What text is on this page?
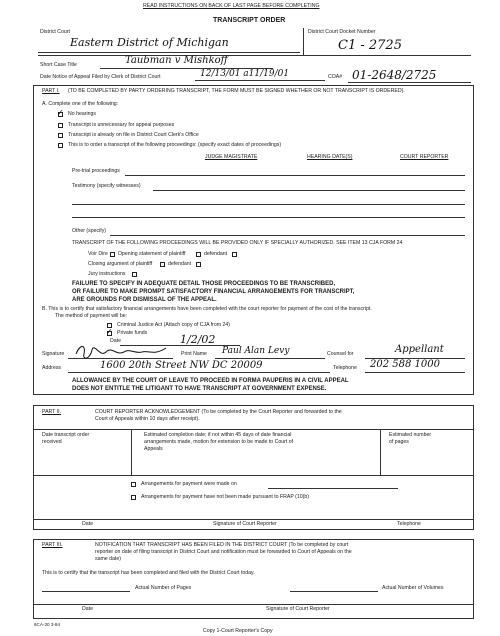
READ INSTRUCTIONS ON BACK OF LAST PAGE BEFORE COMPLETING
TRANSCRIPT ORDER
District Court
Eastern District of Michigan
District Court Docket Number
C1 - 2725
Short Case Title	Taubman v Mishkoff
Date Notice of Appeal Filed by Clerk of District Court	12/13/01 a11/19/01	COA# 01-2648/2725
PART I. (TO BE COMPLETED BY PARTY ORDERING TRANSCRIPT, THE FORM MUST BE SIGNED WHETHER OR NOT TRANSCRIPT IS ORDERED).
A. Complete one of the following:
✓ No hearings
Transcript is unnecessary for appeal purposes
Transcript is already on file in District Court Clerk's Office
This is to order a transcript of the following proceedings: (specify exact dates of proceedings)
JUDGE MAGISTRATE	HEARING DATE(S)	COURT REPORTER
Pre-trial proceedings
Testimony (specify witnesses)
Other (specify)
TRANSCRIPT OF THE FOLLOWING PROCEEDINGS WILL BE PROVIDED ONLY IF SPECIALLY AUTHORIZED. SEE ITEM 13 CJA FORM 24
Voir Dire Opening statement of plaintiff	defendant
Closing argument of plaintiff	defendant
Jury instructions
FAILURE TO SPECIFY IN ADEQUATE DETAIL THOSE PROCEEDINGS TO BE TRANSCRIBED,
OR FAILURE TO MAKE PROMPT SATISFACTORY FINANCIAL ARRANGEMENTS FOR TRANSCRIPT,
ARE GROUNDS FOR DISMISSAL OF THE APPEAL.
B. This is to certify that satisfactory financial arrangements have been completed with the court reporter for payment of the cost of the transcript.
The method of payment will be:
Criminal Justice Act (Attach copy of CJA from 24)
✓ Private funds
Date	1/2/02
Signature	Print Name Paul Alan Levy	Counsel for	Appellant
Address	1600 20th Street NW DC 20009	Telephone 202 588 1000
ALLOWANCE BY THE COURT OF LEAVE TO PROCEED IN FORMA PAUPERIS IN A CIVIL APPEAL
DOES NOT ENTITLE THE LITIGANT TO HAVE TRANSCRIPT AT GOVERNMENT EXPENSE.
PART II.	COURT REPORTER ACKNOWLEDGEMENT (To be completed by the Court Reporter and forwarded to the
Court of Appeals within 10 days after receipt).
Date transcript order
received
Estimated completion date; if not within 45 days of date financial
arrangements made, motion for extension to be made to Court of
Appeals
Estimated number
of pages
Arrangements for payment were made on
Arrangements for payment have not been made pursuant to FRAP (10(b)
Date	Signature of Court Reporter	Telephone
PART III.	NOTIFICATION THAT TRANSCRIPT HAS BEEN FILED IN THE DISTRICT COURT (To be completed by court
reporter on date of filing transcript in District Court and notification must be forwarded to Court of Appeals on the
same date)
This is to certify that the transcript has been completed and filed with the District Court today.
Actual Number of Pages	Actual Number of Volumes
Date	Signature of Court Reporter
6CA-30 3-94
Copy 1-Court Reporter's Copy
